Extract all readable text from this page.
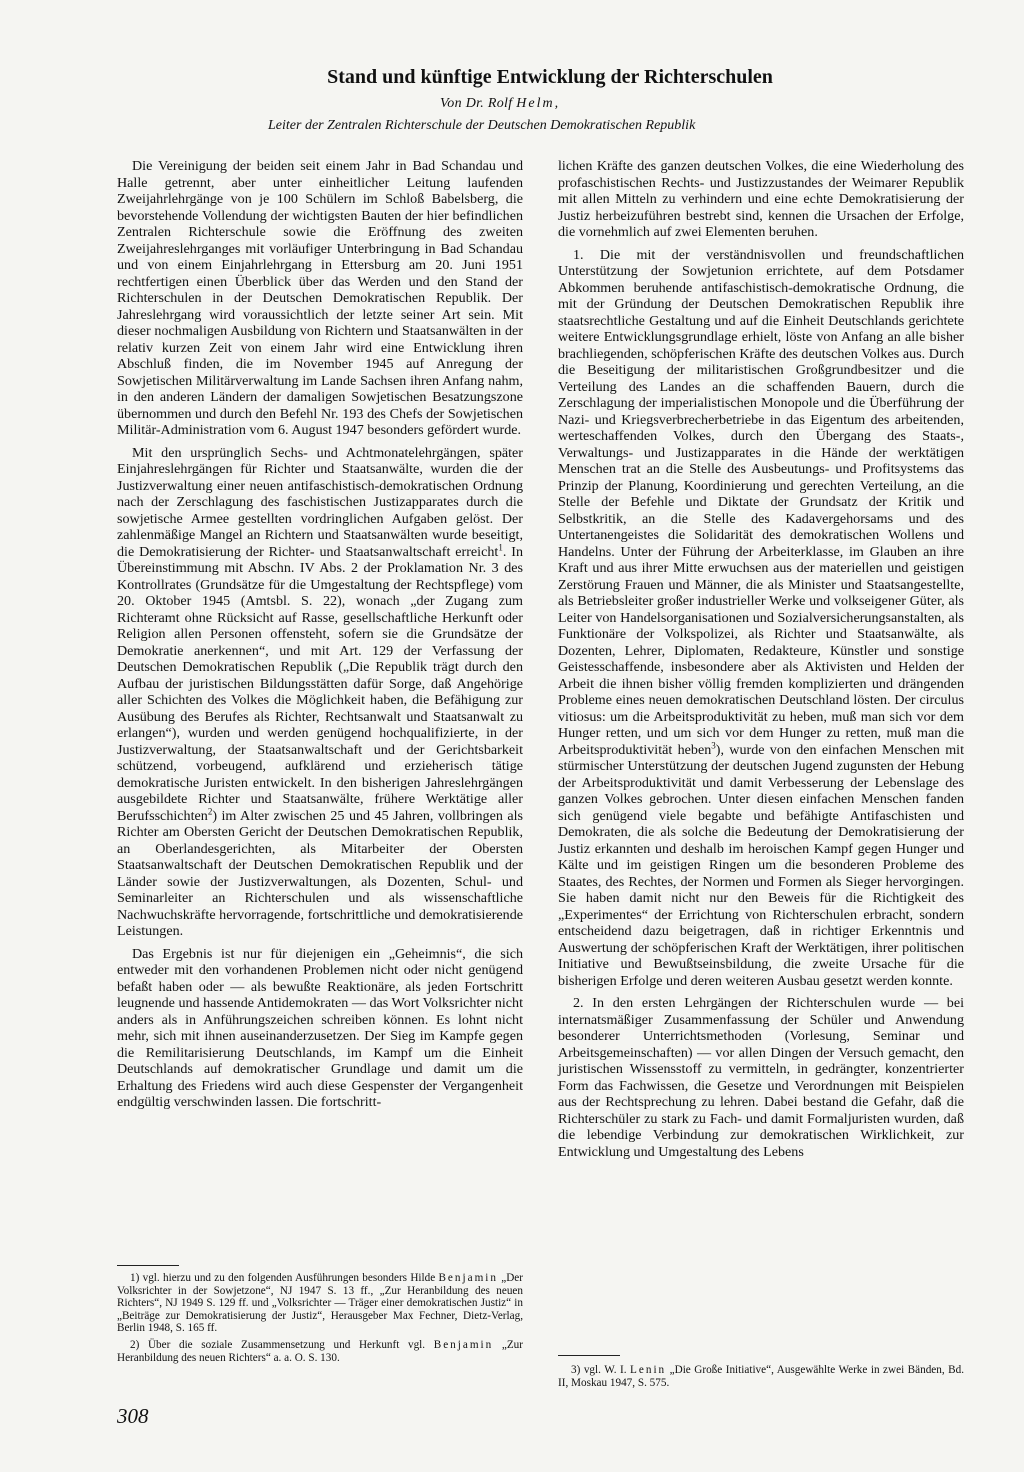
Stand und künftige Entwicklung der Richterschulen

Von Dr. Rolf Helm,

Leiter der Zentralen Richterschule der Deutschen Demokratischen Republik

Die Vereinigung der beiden seit einem Jahr in Bad Schandau und Halle getrennt, aber unter einheitlicher Leitung laufenden Zweijahrlehrgänge von je 100 Schülern im Schloß Babelsberg, die bevorstehende Vollendung der wichtigsten Bauten der hier befindlichen Zentralen Richterschule sowie die Eröffnung des zweiten Zweijahreslehrganges mit vorläufiger Unterbringung in Bad Schandau und von einem Einjahrlehrgang in Ettersburg am 20. Juni 1951 rechtfertigen einen Überblick über das Werden und den Stand der Richterschulen in der Deutschen Demokratischen Republik. Der Jahreslehrgang wird voraussichtlich der letzte seiner Art sein. Mit dieser nochmaligen Ausbildung von Richtern und Staatsanwälten in der relativ kurzen Zeit von einem Jahr wird eine Entwicklung ihren Abschluß finden, die im November 1945 auf Anregung der Sowjetischen Militärverwaltung im Lande Sachsen ihren Anfang nahm, in den anderen Ländern der damaligen Sowjetischen Besatzungszone übernommen und durch den Befehl Nr. 193 des Chefs der Sowjetischen Militär-Administration vom 6. August 1947 besonders gefördert wurde.

Mit den ursprünglich Sechs- und Achtmonatelehrgängen, später Einjahreslehrgängen für Richter und Staatsanwälte, wurden die der Justizverwaltung einer neuen antifaschistisch-demokratischen Ordnung nach der Zerschlagung des faschistischen Justizapparates durch die sowjetische Armee gestellten vordringlichen Aufgaben gelöst. Der zahlenmäßige Mangel an Richtern und Staatsanwälten wurde beseitigt, die Demokratisierung der Richter- und Staatsanwaltschaft erreicht$^1$. In Übereinstimmung mit Abschn. IV Abs. 2 der Proklamation Nr. 3 des Kontrollrates (Grundsätze für die Umgestaltung der Rechtspflege) vom 20. Oktober 1945 (Amtsbl. S. 22), wonach „der Zugang zum Richteramt ohne Rücksicht auf Rasse, gesellschaftliche Herkunft oder Religion allen Personen offensteht, sofern sie die Grundsätze der Demokratie anerkennen“, und mit Art. 129 der Verfassung der Deutschen Demokratischen Republik („Die Republik trägt durch den Aufbau der juristischen Bildungsstätten dafür Sorge, daß Angehörige aller Schichten des Volkes die Möglichkeit haben, die Befähigung zur Ausübung des Berufes als Richter, Rechtsanwalt und Staatsanwalt zu erlangen“), wurden und werden genügend hochqualifizierte, in der Justizverwaltung, der Staatsanwaltschaft und der Gerichtsbarkeit schützend, vorbeugend, aufklärend und erzieherisch tätige demokratische Juristen entwickelt. In den bisherigen Jahreslehrgängen ausgebildete Richter und Staatsanwälte, frühere Werktätige aller Berufsschichten$^2$) im Alter zwischen 25 und 45 Jahren, vollbringen als Richter am Obersten Gericht der Deutschen Demokratischen Republik, an Oberlandesgerichten, als Mitarbeiter der Obersten Staatsanwaltschaft der Deutschen Demokratischen Republik und der Länder sowie der Justizverwaltungen, als Dozenten, Schul- und Seminarleiter an Richterschulen und als wissenschaftliche Nachwuchskräfte hervorragende, fortschrittliche und demokratisierende Leistungen.

Das Ergebnis ist nur für diejenigen ein „Geheimnis“, die sich entweder mit den vorhandenen Problemen nicht oder nicht genügend befaßt haben oder — als bewußte Reaktionäre, als jeden Fortschritt leugnende und hassende Antidemokraten — das Wort Volksrichter nicht anders als in Anführungszeichen schreiben können. Es lohnt nicht mehr, sich mit ihnen auseinanderzusetzen. Der Sieg im Kampfe gegen die Remilitarisierung Deutschlands, im Kampf um die Einheit Deutschlands auf demokratischer Grundlage und damit um die Erhaltung des Friedens wird auch diese Gespenster der Vergangenheit endgültig verschwinden lassen. Die fortschritt-

lichen Kräfte des ganzen deutschen Volkes, die eine Wiederholung des profaschistischen Rechts- und Justizzustandes der Weimarer Republik mit allen Mitteln zu verhindern und eine echte Demokratisierung der Justiz herbeizuführen bestrebt sind, kennen die Ursachen der Erfolge, die vornehmlich auf zwei Elementen beruhen.

1. Die mit der verständnisvollen und freundschaftlichen Unterstützung der Sowjetunion errichtete, auf dem Potsdamer Abkommen beruhende antifaschistisch-demokratische Ordnung, die mit der Gründung der Deutschen Demokratischen Republik ihre staatsrechtliche Gestaltung und auf die Einheit Deutschlands gerichtete weitere Entwicklungsgrundlage erhielt, löste von Anfang an alle bisher brachliegenden, schöpferischen Kräfte des deutschen Volkes aus. Durch die Beseitigung der militaristischen Großgrundbesitzer und die Verteilung des Landes an die schaffenden Bauern, durch die Zerschlagung der imperialistischen Monopole und die Überführung der Nazi- und Kriegsverbrecherbetriebe in das Eigentum des arbeitenden, werteschaffenden Volkes, durch den Übergang des Staats-, Verwaltungs- und Justizapparates in die Hände der werktätigen Menschen trat an die Stelle des Ausbeutungs- und Profitsystems das Prinzip der Planung, Koordinierung und gerechten Verteilung, an die Stelle der Befehle und Diktate der Grundsatz der Kritik und Selbstkritik, an die Stelle des Kadavergehorsams und des Untertanengeistes die Solidarität des demokratischen Wollens und Handelns. Unter der Führung der Arbeiterklasse, im Glauben an ihre Kraft und aus ihrer Mitte erwuchsen aus der materiellen und geistigen Zerstörung Frauen und Männer, die als Minister und Staatsangestellte, als Betriebsleiter großer industrieller Werke und volkseigener Güter, als Leiter von Handelsorganisationen und Sozialversicherungsanstalten, als Funktionäre der Volkspolizei, als Richter und Staatsanwälte, als Dozenten, Lehrer, Diplomaten, Redakteure, Künstler und sonstige Geistesschaffende, insbesondere aber als Aktivisten und Helden der Arbeit die ihnen bisher völlig fremden komplizierten und drängenden Probleme eines neuen demokratischen Deutschland lösten. Der circulus vitiosus: um die Arbeitsproduktivität zu heben, muß man sich vor dem Hunger retten, und um sich vor dem Hunger zu retten, muß man die Arbeitsproduktivität heben$^3$), wurde von den einfachen Menschen mit stürmischer Unterstützung der deutschen Jugend zugunsten der Hebung der Arbeitsproduktivität und damit Verbesserung der Lebenslage des ganzen Volkes gebrochen. Unter diesen einfachen Menschen fanden sich genügend viele begabte und befähigte Antifaschisten und Demokraten, die als solche die Bedeutung der Demokratisierung der Justiz erkannten und deshalb im heroischen Kampf gegen Hunger und Kälte und im geistigen Ringen um die besonderen Probleme des Staates, des Rechtes, der Normen und Formen als Sieger hervorgingen. Sie haben damit nicht nur den Beweis für die Richtigkeit des „Experimentes“ der Errichtung von Richterschulen erbracht, sondern entscheidend dazu beigetragen, daß in richtiger Erkenntnis und Auswertung der schöpferischen Kraft der Werktätigen, ihrer politischen Initiative und Bewußtseinsbildung, die zweite Ursache für die bisherigen Erfolge und deren weiteren Ausbau gesetzt werden konnte.

2. In den ersten Lehrgängen der Richterschulen wurde — bei internatsmäßiger Zusammenfassung der Schüler und Anwendung besonderer Unterrichtsmethoden (Vorlesung, Seminar und Arbeitsgemeinschaften) — vor allen Dingen der Versuch gemacht, den juristischen Wissensstoff zu vermitteln, in gedrängter, konzentrierter Form das Fachwissen, die Gesetze und Verordnungen mit Beispielen aus der Rechtsprechung zu lehren. Dabei bestand die Gefahr, daß die Richterschüler zu stark zu Fach- und damit Formaljuristen wurden, daß die lebendige Verbindung zur demokratischen Wirklichkeit, zur Entwicklung und Umgestaltung des Lebens

1) vgl. hierzu und zu den folgenden Ausführungen besonders Hilde Benjamin „Der Volksrichter in der Sowjetzone“, NJ 1947 S. 13 ff., „Zur Heranbildung des neuen Richters“, NJ 1949 S. 129 ff. und „Volksrichter — Träger einer demokratischen Justiz“ in „Beiträge zur Demokratisierung der Justiz“, Herausgeber Max Fechner, Dietz-Verlag, Berlin 1948, S. 165 ff.

2) Über die soziale Zusammensetzung und Herkunft vgl. Benjamin „Zur Heranbildung des neuen Richters“ a. a. O. S. 130.

3) vgl. W. I. Lenin „Die Große Initiative“, Ausgewählte Werke in zwei Bänden, Bd. II, Moskau 1947, S. 575.

308
